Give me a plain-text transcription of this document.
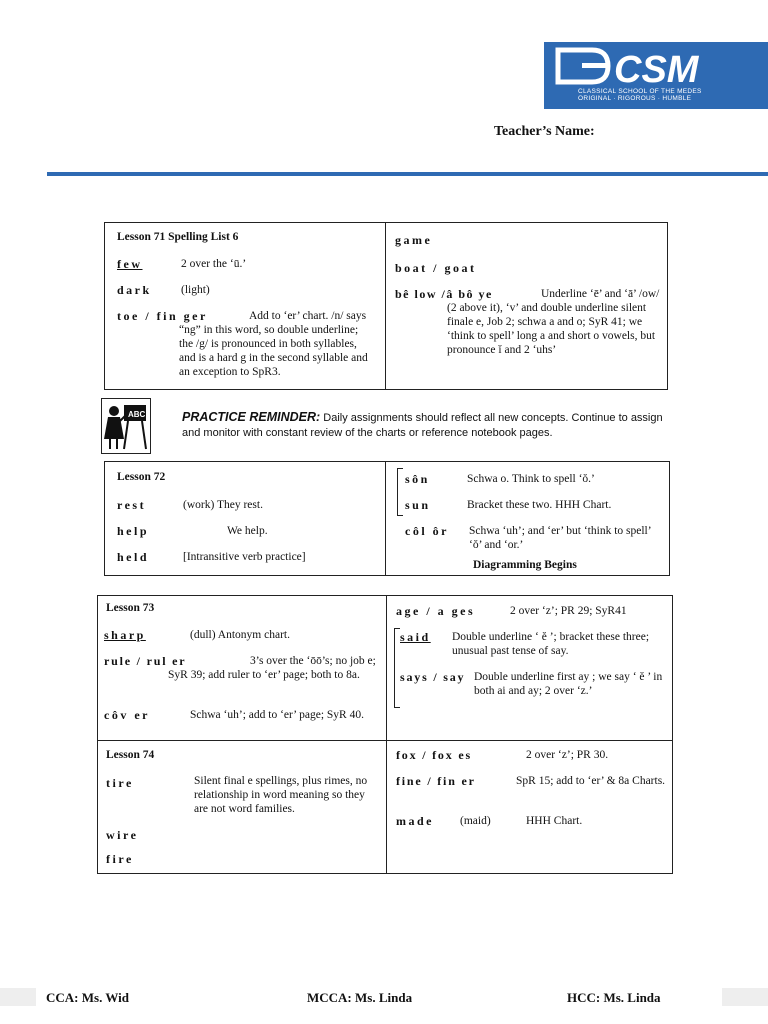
CSM
CLASSICAL SCHOOL OF THE MEDES
ORIGINAL · RIGOROUS · HUMBLE
Teacher’s Name:
Lesson 71 Spelling List 6
few	2 over the ‘ū.’
dark	(light)
toe / fin ger	Add to ‘er’ chart. /n/ says “ng” in this word, so double underline; the /g/ is pronounced in both syllables, and is a hard g in the second syllable and an exception to SpR3.
game
boat / goat
bê low /â bô ye	Underline ‘ē’ and ‘ā’ /ow/ (2 above it), ‘v’ and double underline silent finale e, Job 2; schwa a and o; SyR 41; we ‘think to spell’ long a and short o vowels, but pronounce ĭ and 2 ‘uhs’
ABC	PRACTICE REMINDER: Daily assignments should reflect all new concepts. Continue to assign and monitor with constant review of the charts or reference notebook pages.
Lesson 72
rest	(work) They rest.
help	We help.
held	[Intransitive verb practice]
sôn	Schwa o. Think to spell ‘ŏ.’
sun	Bracket these two. HHH Chart.
côl ôr Schwa ‘uh’; and ‘er’ but ‘think to spell’ ‘ŏ’ and ‘or.’
Diagramming Begins
Lesson 73
sharp	(dull) Antonym chart.
rule / rul er	3’s over the ‘ōō’s; no job e; SyR 39; add ruler to ‘er’ page; both to 8a.
côv er	Schwa ‘uh’; add to ‘er’ page; SyR 40.
age / a ges	2 over ‘z’; PR 29; SyR41
said Double underline ‘ ĕ ’; bracket these three; unusual past tense of say.
says / say Double underline first ay ; we say ‘ ĕ ’ in both ai and ay; 2 over ‘z.’
Lesson 74
tire	Silent final e spellings, plus rimes, no relationship in word meaning so they are not word families.
wire
fire
fox / fox es	2 over ‘z’; PR 30.
fine / fin er	SpR 15; add to ‘er’ & 8a Charts.
made (maid)	HHH Chart.
CCA: Ms. Wid	MCCA: Ms. Linda	HCC: Ms. Linda
